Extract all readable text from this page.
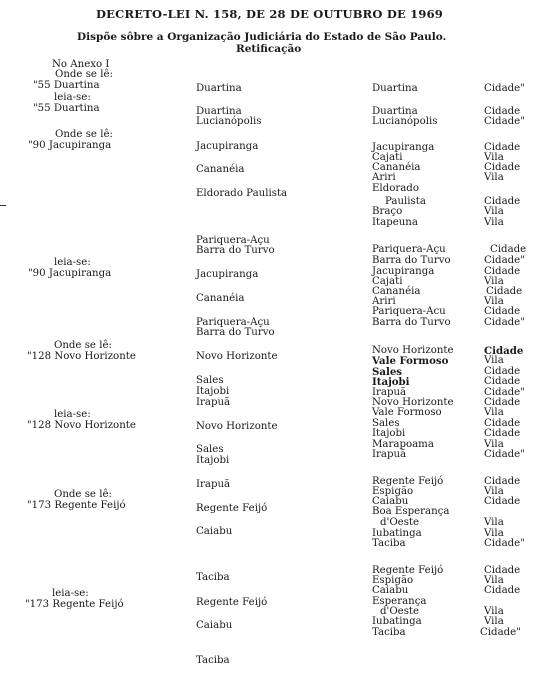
DECRETO-LEI N. 158, DE 28 DE OUTUBRO DE 1969
Dispõe sôbre a Organização Judiciária do Estado de São Paulo.
Retificação
No Anexo I
Onde se lê:
"55 Duartina
leia-se:
"55 Duartina
Onde se lê:
"90 Jacupiranga
leia-se:
"90 Jacupiranga
Onde se lê:
"128 Novo Horizonte
leia-se:
"128 Novo Horizonte
Onde se lê:
"173 Regente Feijó
leia-se:
"173 Regente Feijó
Duartina
Duartina
Lucianópolis
Jacupiranga
Cananéia
Eldorado Paulista
Pariquera-Açu
Barra do Turvo
Jacupiranga
Cananéia
Pariquera-Açu
Barra do Turvo
Novo Horizonte
Sales
Itajobi
Irapuã
Novo Horizonte
Sales
Itajobi
Irapuã
Regente Feijó
Caiabu
Taciba
Regente Feijó
Caiabu
Taciba
Duartina
Duartina
Lucianópolis
Jacupiranga
Cajati
Cananéia
Ariri
Eldorado
Paulista
Braço
Itapeuna
Pariquera-Açu
Barra do Turvo
Jacupiranga
Cajati
Cananéia
Ariri
Pariquera-Acu
Barra do Turvo
Novo Horizonte
Vale Formoso
Sales
Itajobi
Irapuã
Novo Horizonte
Vale Formoso
Sales
Itajobi
Marapoama
Irapuã
Regente Feijó
Espigão
Caiabu
Boa Esperança
d'Oeste
Iubatinga
Taciba
Regente Feijó
Espigão
Caiabu
Esperança
d'Oeste
Iubatinga
Taciba
Cidade"
Cidade
Cidade"
Cidade
Vila
Cidade
Vila
Cidade
Vila
Vila
Cidade
Cidade"
Cidade
Vila
Cidade
Vila
Cidade
Cidade"
Cidade
Vila
Cidade
Cidade
Cidade"
Cidade
Vila
Cidade
Cidade
Vila
Cidade"
Cidade
Vila
Cidade
Vila
Vila
Cidade"
Cidade
Vila
Cidade
Vila
Vila
Cidade"
